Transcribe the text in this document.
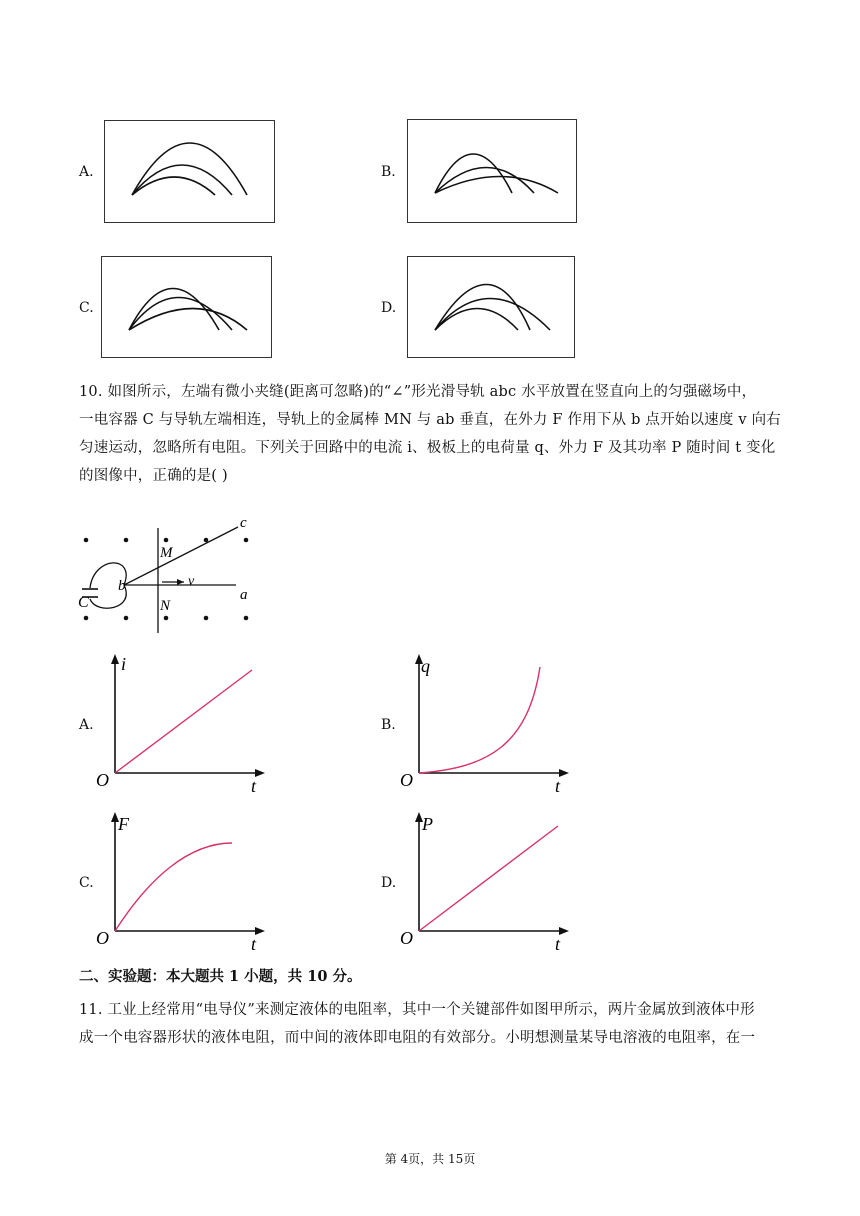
A.	B.
C.	D.
10. 如图所示，左端有微小夹缝(距离可忽略)的“∠”形光滑导轨 abc 水平放置在竖直向上的匀强磁场中，
一电容器 C 与导轨左端相连，导轨上的金属棒 MN 与 ab 垂直，在外力 F 作用下从 b 点开始以速度 v 向右
匀速运动，忽略所有电阻。下列关于回路中的电流 i、极板上的电荷量 q、外力 F 及其功率 P 随时间 t 变化
的图像中，正确的是( )
c
M
b	v
a
C	N
A.
i
t
O
B.
q
t
O
C.
F
t
O
D.
P
t
O
二、实验题：本大题共 1 小题，共 10 分。
11. 工业上经常用“电导仪”来测定液体的电阻率，其中一个关键部件如图甲所示，两片金属放到液体中形
成一个电容器形状的液体电阻，而中间的液体即电阻的有效部分。小明想测量某导电溶液的电阻率，在一
第 4页，共 15页
